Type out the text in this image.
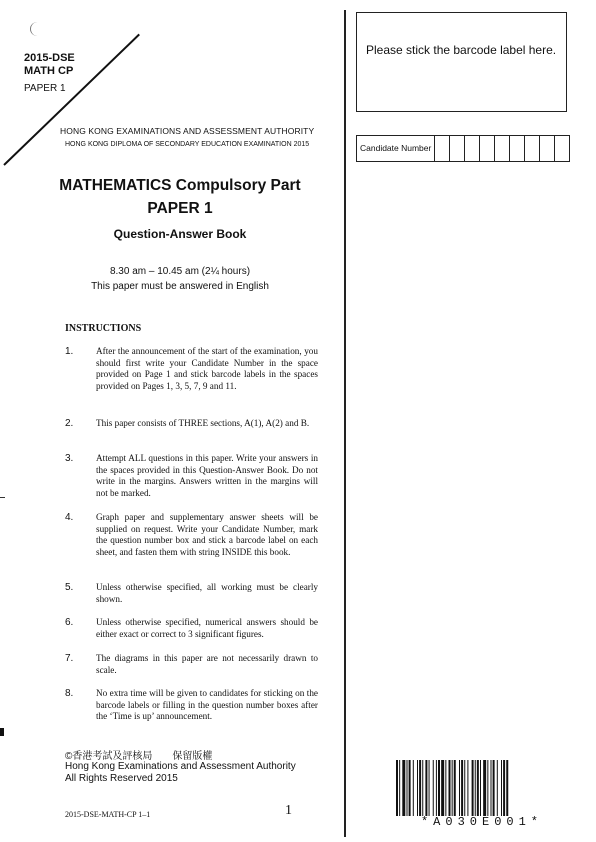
2015-DSE
MATH CP
PAPER 1
HONG KONG EXAMINATIONS AND ASSESSMENT AUTHORITY
HONG KONG DIPLOMA OF SECONDARY EDUCATION EXAMINATION 2015
MATHEMATICS Compulsory Part
PAPER 1
Question-Answer Book
8.30 am – 10.45 am (2¼ hours)
This paper must be answered in English
INSTRUCTIONS
1. After the announcement of the start of the examination, you should first write your Candidate Number in the space provided on Page 1 and stick barcode labels in the spaces provided on Pages 1, 3, 5, 7, 9 and 11.
2. This paper consists of THREE sections, A(1), A(2) and B.
3. Attempt ALL questions in this paper. Write your answers in the spaces provided in this Question-Answer Book. Do not write in the margins. Answers written in the margins will not be marked.
4. Graph paper and supplementary answer sheets will be supplied on request. Write your Candidate Number, mark the question number box and stick a barcode label on each sheet, and fasten them with string INSIDE this book.
5. Unless otherwise specified, all working must be clearly shown.
6. Unless otherwise specified, numerical answers should be either exact or correct to 3 significant figures.
7. The diagrams in this paper are not necessarily drawn to scale.
8. No extra time will be given to candidates for sticking on the barcode labels or filling in the question number boxes after the ‘Time is up’ announcement.
Please stick the barcode label here.
Candidate Number
©香港考試及評核局　　保留版權
Hong Kong Examinations and Assessment Authority
All Rights Reserved 2015
2015-DSE-MATH-CP 1–1	1
*A030E001*
